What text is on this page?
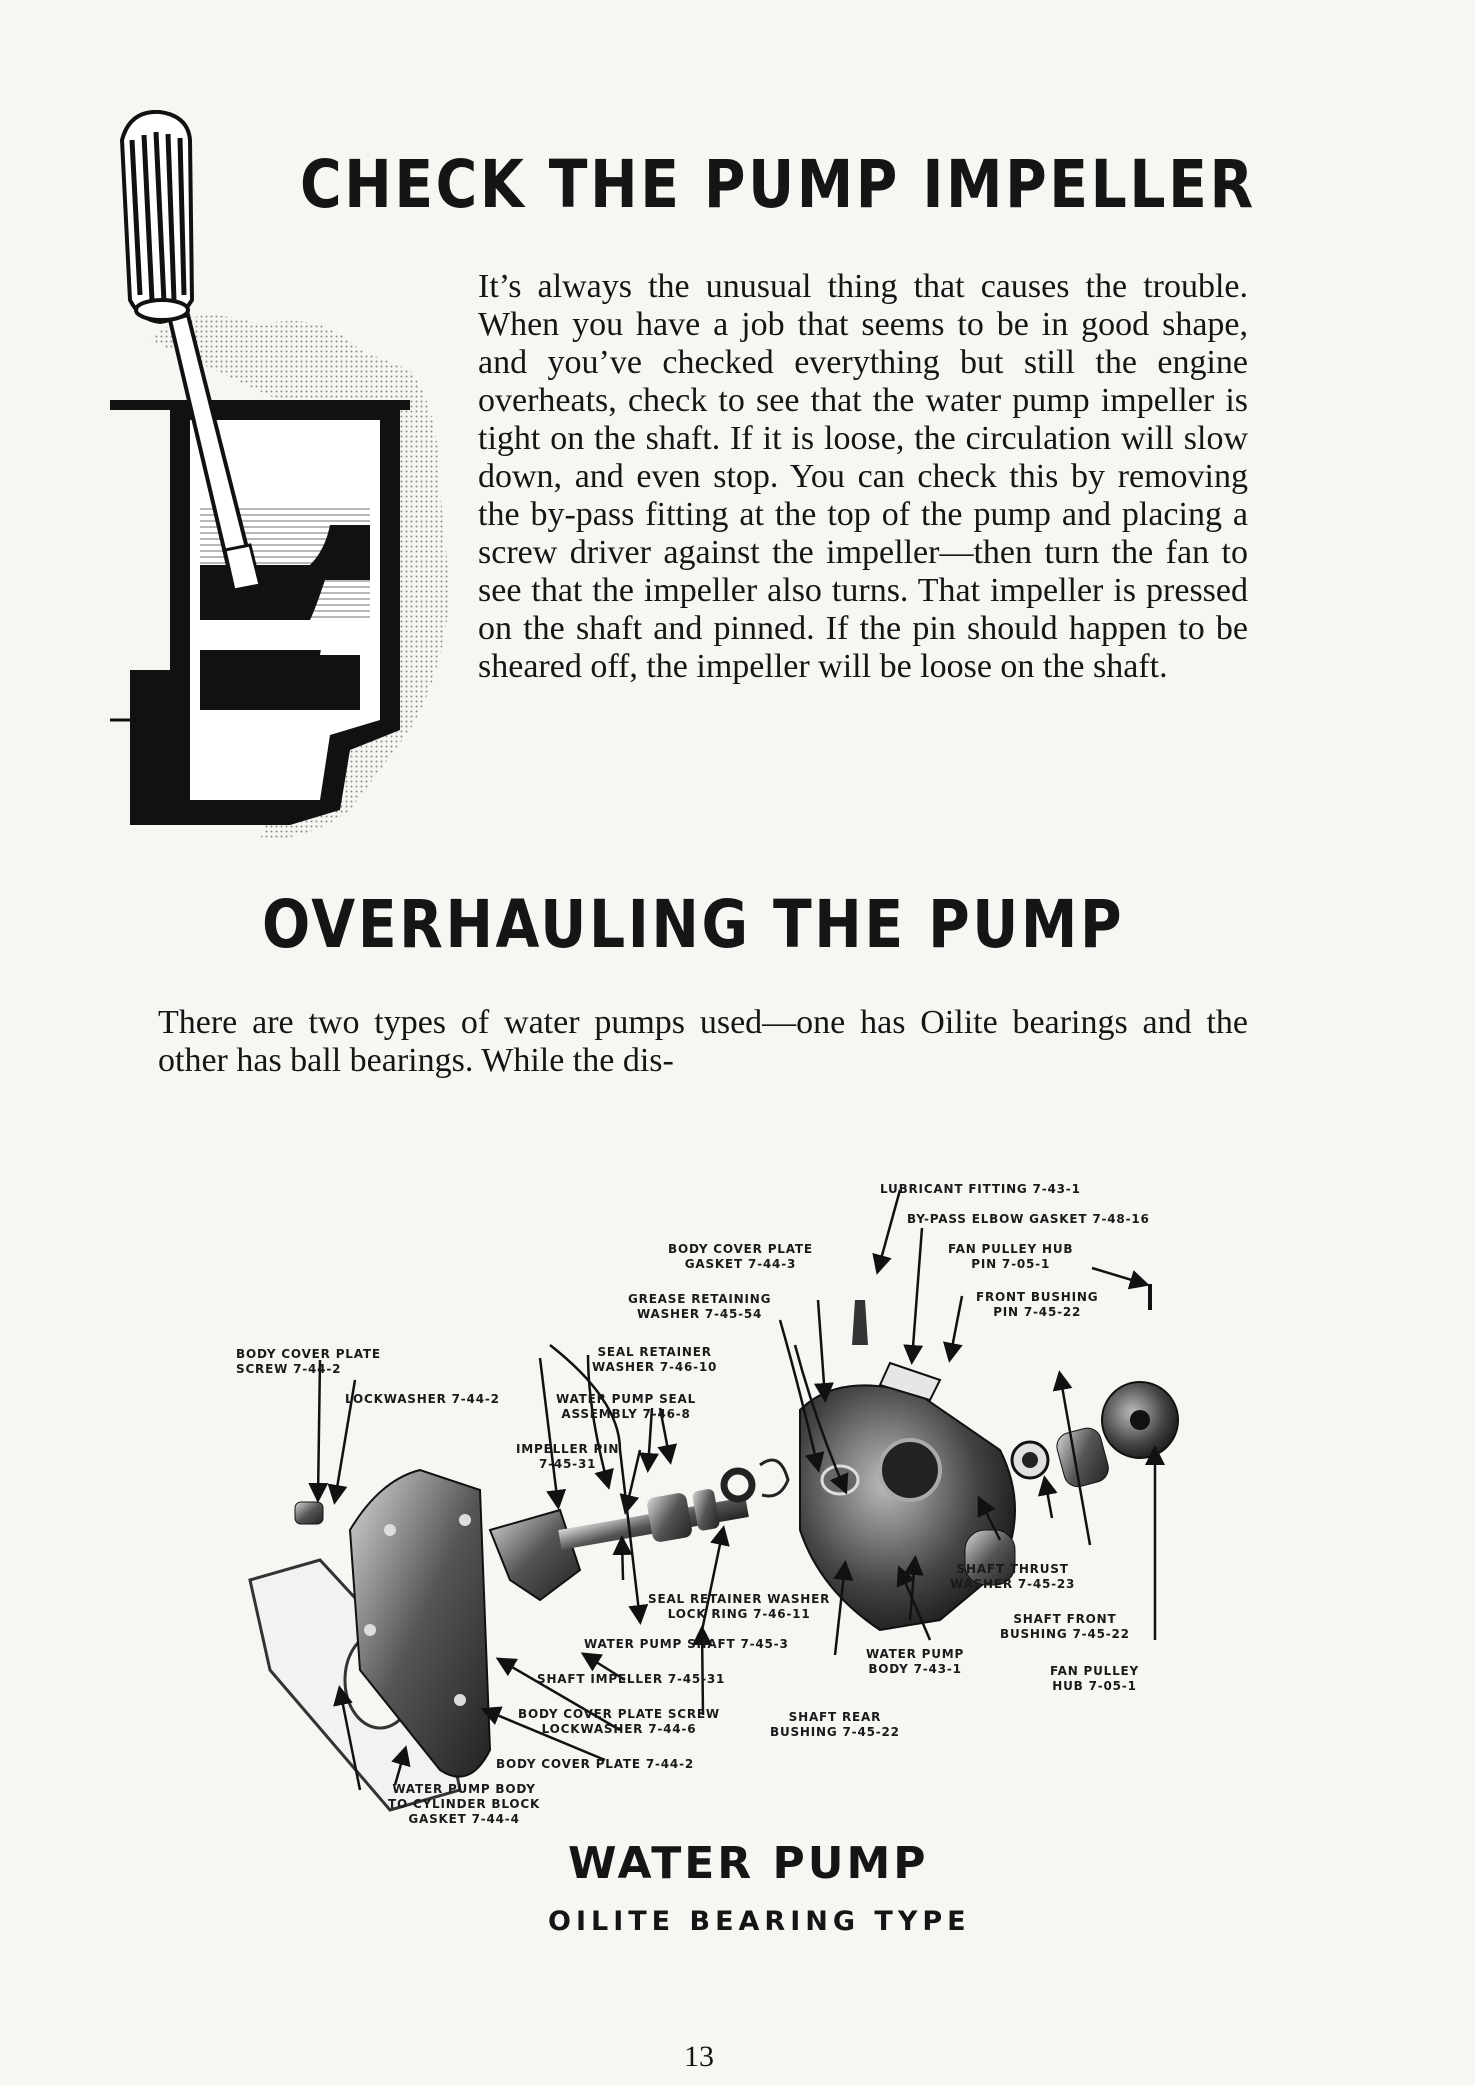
CHECK THE PUMP IMPELLER
It’s always the unusual thing that causes the trouble. When you have a job that seems to be in good shape, and you’ve checked everything but still the engine overheats, check to see that the water pump impeller is tight on the shaft. If it is loose, the circulation will slow down, and even stop. You can check this by removing the by-pass fitting at the top of the pump and placing a screw driver against the impeller—then turn the fan to see that the impeller also turns. That impeller is pressed on the shaft and pinned. If the pin should happen to be sheared off, the impeller will be loose on the shaft.
OVERHAULING THE PUMP
There are two types of water pumps used—one has Oilite bearings and the other has ball bearings. While the dis-
LUBRICANT FITTING 7-43-1
BY-PASS ELBOW GASKET 7-48-16
BODY COVER PLATE
GASKET 7-44-3
FAN PULLEY HUB
PIN 7-05-1
GREASE RETAINING
WASHER 7-45-54
FRONT BUSHING
PIN 7-45-22
BODY COVER PLATE
SCREW 7-44-2
SEAL RETAINER
WASHER 7-46-10
LOCKWASHER 7-44-2	WATER PUMP SEAL
ASSEMBLY 7-46-8
IMPELLER PIN
7-45-31
SHAFT THRUST
WASHER 7-45-23
SEAL RETAINER WASHER
LOCK RING 7-46-11	SHAFT FRONT
BUSHING 7-45-22
WATER PUMP SHAFT 7-45-3
WATER PUMP
BODY 7-43-1	FAN PULLEY
HUB 7-05-1
SHAFT IMPELLER 7-45-31
BODY COVER PLATE SCREW
LOCKWASHER 7-44-6
SHAFT REAR
BUSHING 7-45-22
BODY COVER PLATE 7-44-2
WATER PUMP BODY
TO CYLINDER BLOCK
GASKET 7-44-4
WATER PUMP
OILITE BEARING TYPE
13
